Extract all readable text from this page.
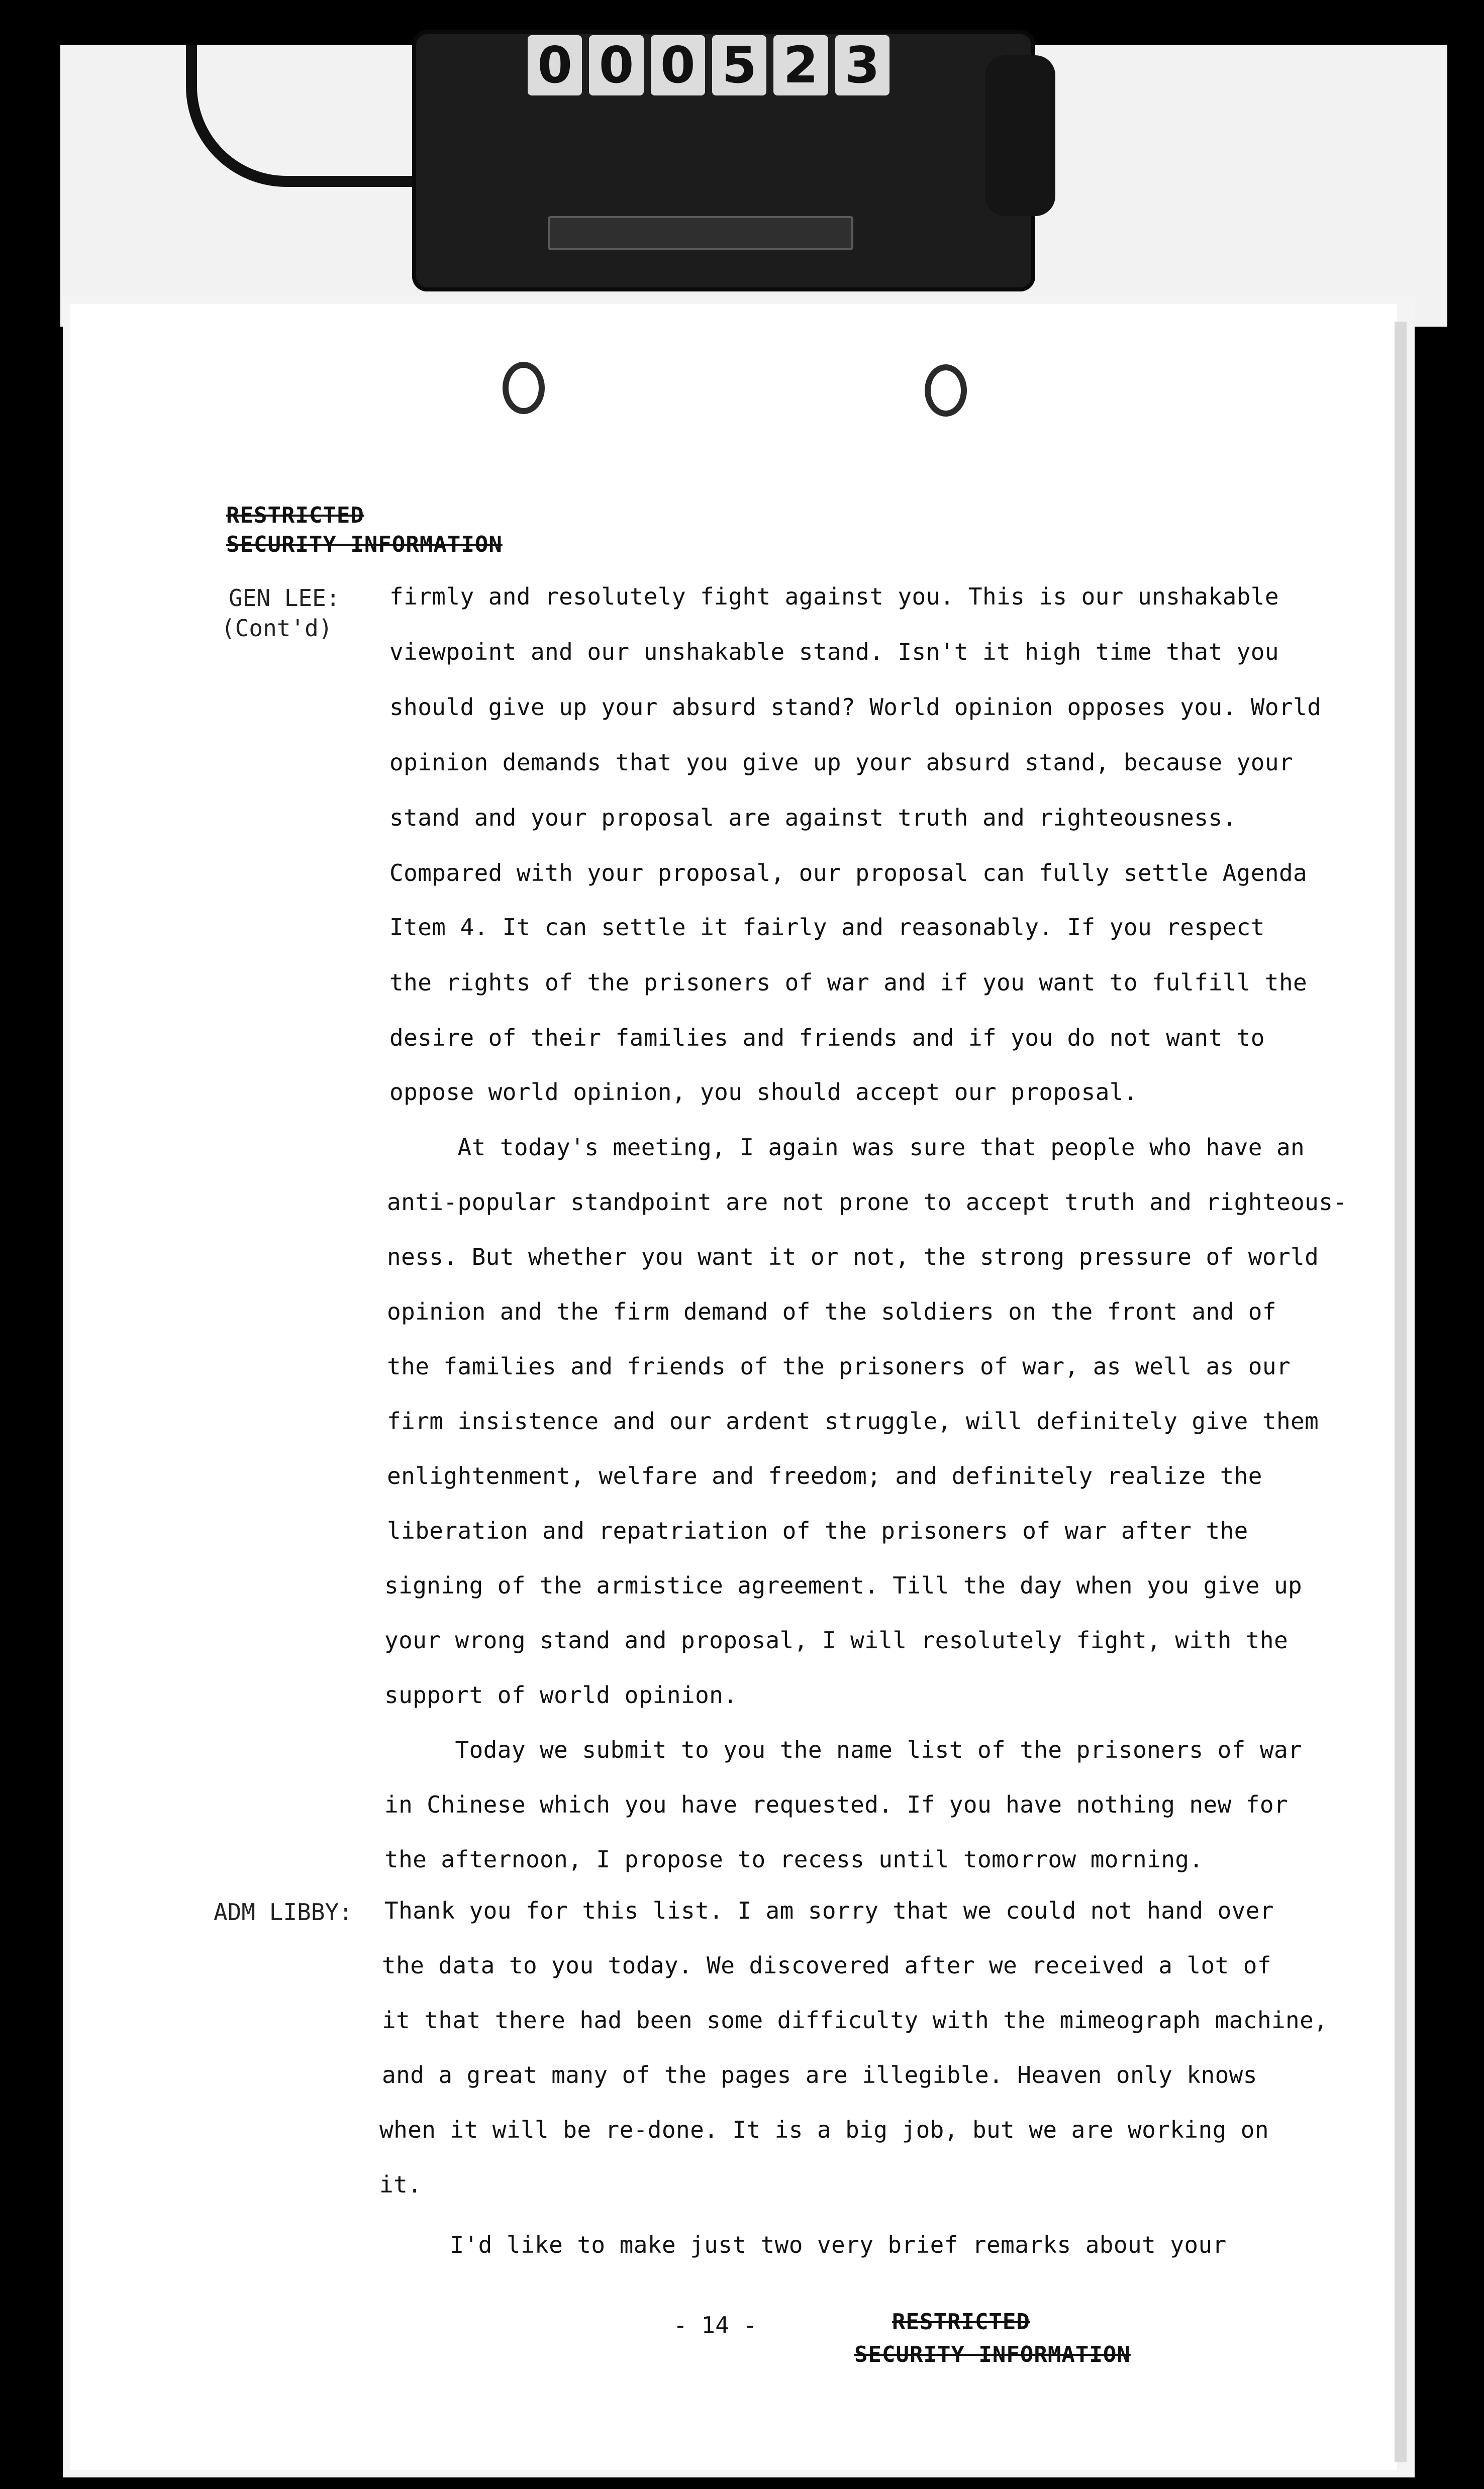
0 0 0 5 2 3
RESTRICTED
SECURITY INFORMATION
GEN LEE:
(Cont'd)
ADM LIBBY:
firmly and resolutely fight against you. This is our unshakable
viewpoint and our unshakable stand. Isn't it high time that you
should give up your absurd stand? World opinion opposes you. World
opinion demands that you give up your absurd stand, because your
stand and your proposal are against truth and righteousness.
Compared with your proposal, our proposal can fully settle Agenda
Item 4. It can settle it fairly and reasonably. If you respect
the rights of the prisoners of war and if you want to fulfill the
desire of their families and friends and if you do not want to
oppose world opinion, you should accept our proposal.
At today's meeting, I again was sure that people who have an
anti-popular standpoint are not prone to accept truth and righteous-
ness. But whether you want it or not, the strong pressure of world
opinion and the firm demand of the soldiers on the front and of
the families and friends of the prisoners of war, as well as our
firm insistence and our ardent struggle, will definitely give them
enlightenment, welfare and freedom; and definitely realize the
liberation and repatriation of the prisoners of war after the
signing of the armistice agreement. Till the day when you give up
your wrong stand and proposal, I will resolutely fight, with the
support of world opinion.
Today we submit to you the name list of the prisoners of war
in Chinese which you have requested. If you have nothing new for
the afternoon, I propose to recess until tomorrow morning.
Thank you for this list. I am sorry that we could not hand over
the data to you today. We discovered after we received a lot of
it that there had been some difficulty with the mimeograph machine,
and a great many of the pages are illegible. Heaven only knows
when it will be re-done. It is a big job, but we are working on
it.
I'd like to make just two very brief remarks about your
- 14 -	RESTRICTED
SECURITY INFORMATION
